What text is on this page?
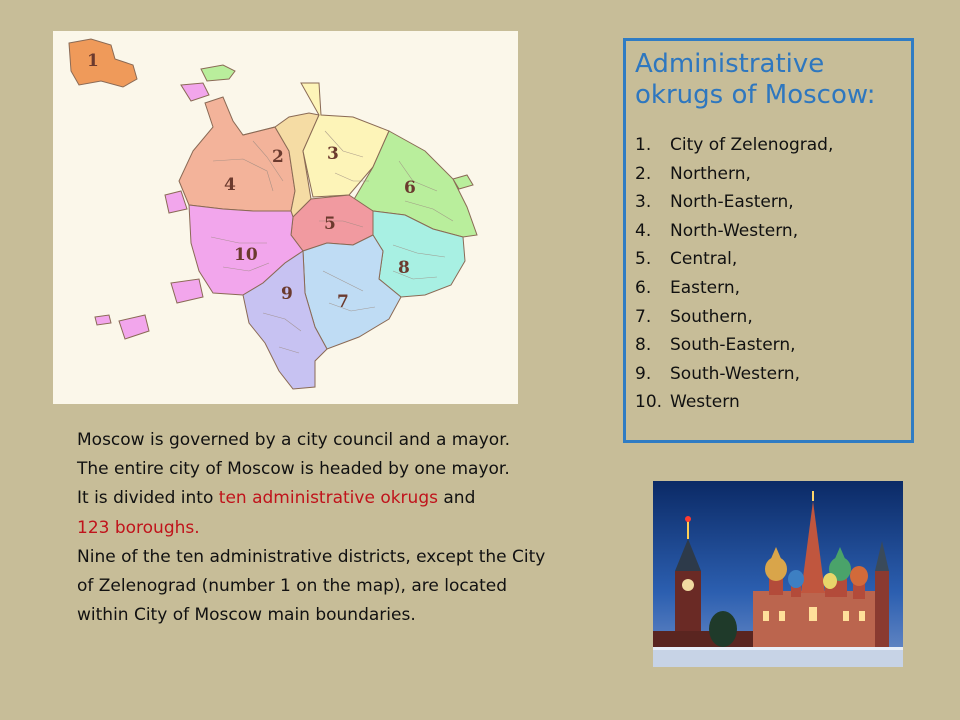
1
2	3
4
5
6
7
8
9
10
Administrative okrugs of Moscow:
1. City of Zelenograd,
2. Northern,
3. North-Eastern,
4. North-Western,
5. Central,
6. Eastern,
7. Southern,
8. South-Eastern,
9. South-Western,
10. Western

Moscow is governed by a city council and a mayor. The entire city of Moscow is headed by one mayor.

It is divided into ten administrative okrugs and
123 boroughs.

Nine of the ten administrative districts, except the City of Zelenograd (number 1 on the map), are located within City of Moscow main boundaries.
